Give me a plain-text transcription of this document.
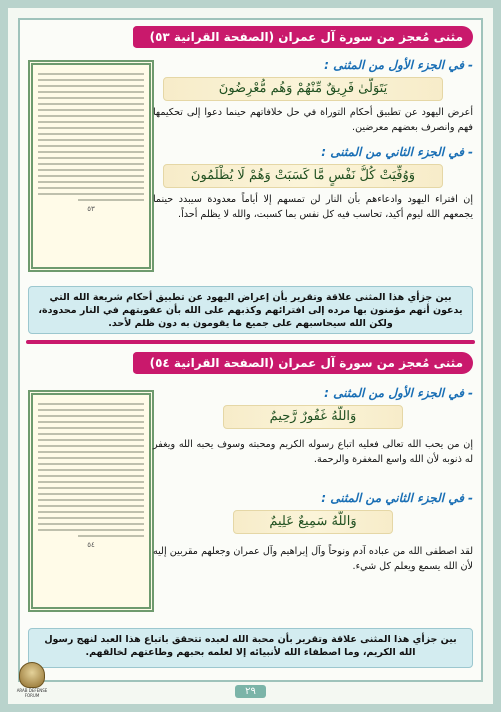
مثنى مُعجز من سورة آل عمران (الصفحة القرانية ٥٣)
٥٣
-في الجزء الأول من المثنى :
يَتَوَلَّىٰ فَرِيقٌ مِّنْهُمْ وَهُم مُّعْرِضُونَ
أعرض اليهود عن تطبيق أحكام التوراة في حل خلافاتهم حينما دعوا إلى تحكيمها فهم وانصرف بعضهم معرضين.
-في الجزء الثاني من المثنى :
وَوُفِّيَتْ كُلُّ نَفْسٍ مَّا كَسَبَتْ وَهُمْ لَا يُظْلَمُونَ
إن افتراء اليهود وادعاءهم بأن النار لن تمسهم إلا أياماً معدودة سيبدد حينما يجمعهم الله ليوم أكيد، تحاسب فيه كل نفس بما كسبت، والله لا يظلم أحداً.
بين جزأي هذا المثنى علاقة وتقرير بأن إعراض اليهود عن تطبيق أحكام شريعة الله التي يدعون أنهم مؤمنون بها مرده إلى افترائهم وكذبهم على الله بأن عقوبتهم في النار محدودة، ولكن الله سيحاسبهم على جميع ما يقومون به دون ظلم لأحد.
مثنى مُعجز من سورة آل عمران (الصفحة القرانية ٥٤)
٥٤
-في الجزء الأول من المثنى :
وَاللَّهُ غَفُورٌ رَّحِيمٌ
إن من يحب الله تعالى فعليه اتباع رسوله الكريم ومحبته وسوف يحبه الله ويغفر له ذنوبه لأن الله واسع المغفرة والرحمة.
-في الجزء الثاني من المثنى :
وَاللَّهُ سَمِيعٌ عَلِيمٌ
لقد اصطفى الله من عباده آدم ونوحاً وآل إبراهيم وآل عمران وجعلهم مقربين إليه لأن الله يسمع ويعلم كل شيء.
بين جزأي هذا المثنى علاقة وتقرير بأن محبة الله لعبده تتحقق باتباع هذا العبد لنهج رسول الله الكريم، وما اصطفاء الله لأنبيائه إلا لعلمه بحبهم وطاعتهم لخالقهم.
٢٩
ARAB DEFENSE FORUM
